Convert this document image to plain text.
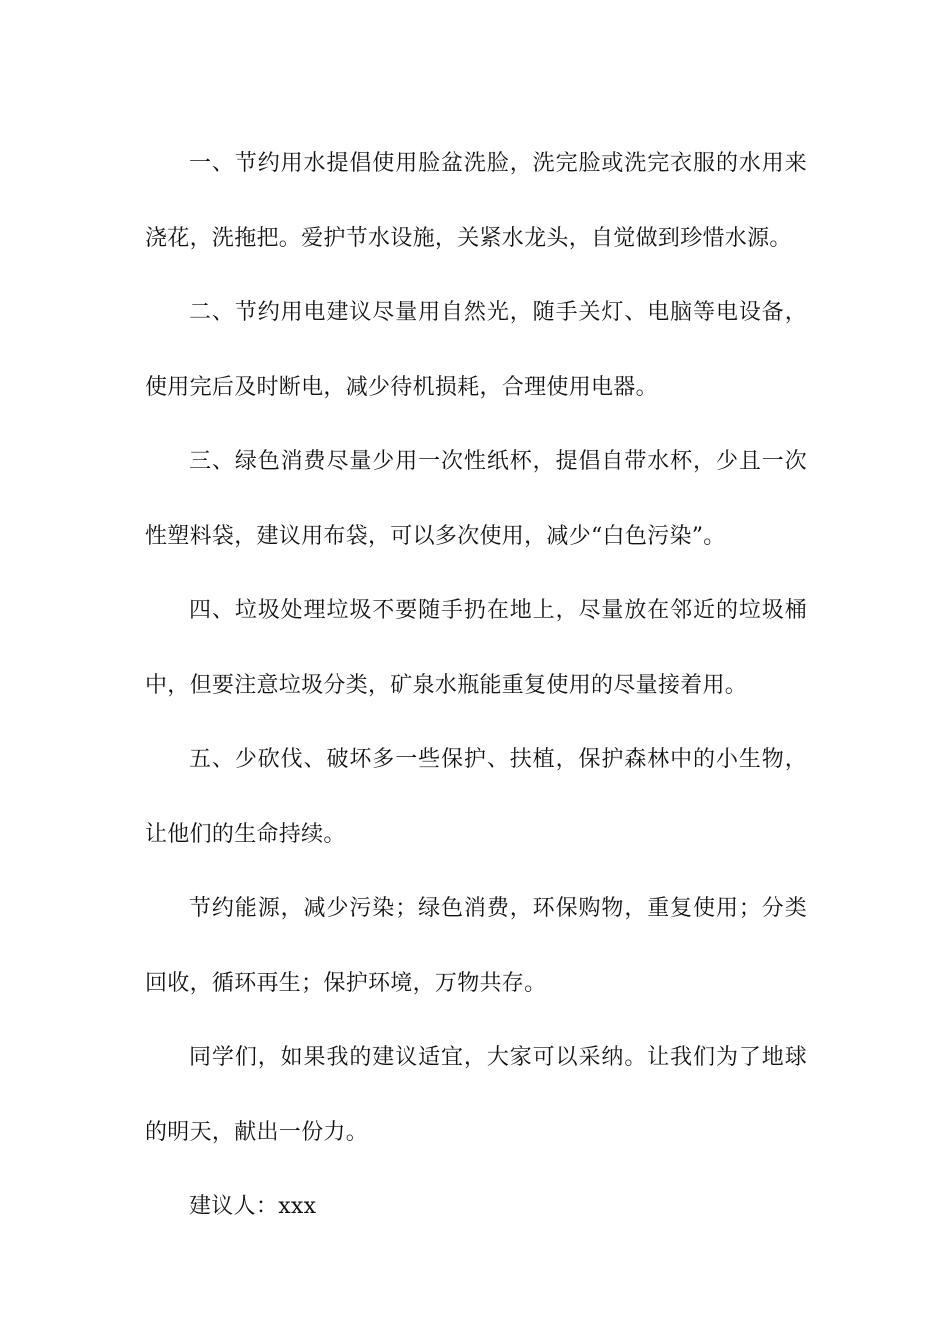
一、节约用水提倡使用脸盆洗脸，洗完脸或洗完衣服的水用来浇花，洗拖把。爱护节水设施，关紧水龙头，自觉做到珍惜水源。

二、节约用电建议尽量用自然光，随手关灯、电脑等电设备，使用完后及时断电，减少待机损耗，合理使用电器。

三、绿色消费尽量少用一次性纸杯，提倡自带水杯，少且一次性塑料袋，建议用布袋，可以多次使用，减少“白色污染”。

四、垃圾处理垃圾不要随手扔在地上，尽量放在邻近的垃圾桶中，但要注意垃圾分类，矿泉水瓶能重复使用的尽量接着用。

五、少砍伐、破坏多一些保护、扶植，保护森林中的小生物，让他们的生命持续。

节约能源，减少污染；绿色消费，环保购物，重复使用；分类回收，循环再生；保护环境，万物共存。

同学们，如果我的建议适宜，大家可以采纳。让我们为了地球的明天，献出一份力。

建议人：xxx
